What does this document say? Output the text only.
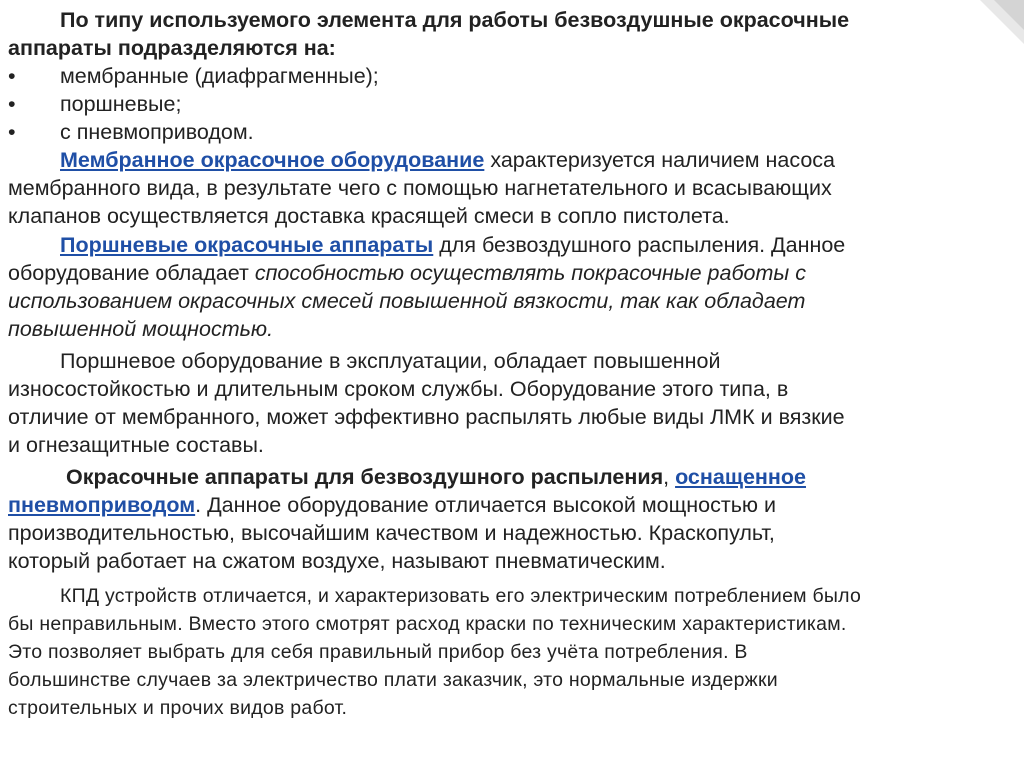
По типу используемого элемента для работы безвоздушные окрасочные
аппараты подразделяются на:
• мембранные (диафрагменные);
• поршневые;
• с пневмоприводом.
Мембранное окрасочное оборудование характеризуется наличием насоса
мембранного вида, в результате чего с помощью нагнетательного и всасывающих
клапанов осуществляется доставка красящей смеси в сопло пистолета.
Поршневые окрасочные аппараты для безвоздушного распыления. Данное
оборудование обладает способностью осуществлять покрасочные работы с
использованием окрасочных смесей повышенной вязкости, так как обладает
повышенной мощностью.
Поршневое оборудование в эксплуатации, обладает повышенной
износостойкостью и длительным сроком службы. Оборудование этого типа, в
отличие от мембранного, может эффективно распылять любые виды ЛМК и вязкие
и огнезащитные составы.
Окрасочные аппараты для безвоздушного распыления, оснащенное
пневмоприводом. Данное оборудование отличается высокой мощностью и
производительностью, высочайшим качеством и надежностью. Краскопульт,
который работает на сжатом воздухе, называют пневматическим.
КПД устройств отличается, и характеризовать его электрическим потреблением было
бы неправильным. Вместо этого смотрят расход краски по техническим характеристикам.
Это позволяет выбрать для себя правильный прибор без учёта потребления. В
большинстве случаев за электричество плати заказчик, это нормальные издержки
строительных и прочих видов работ.
